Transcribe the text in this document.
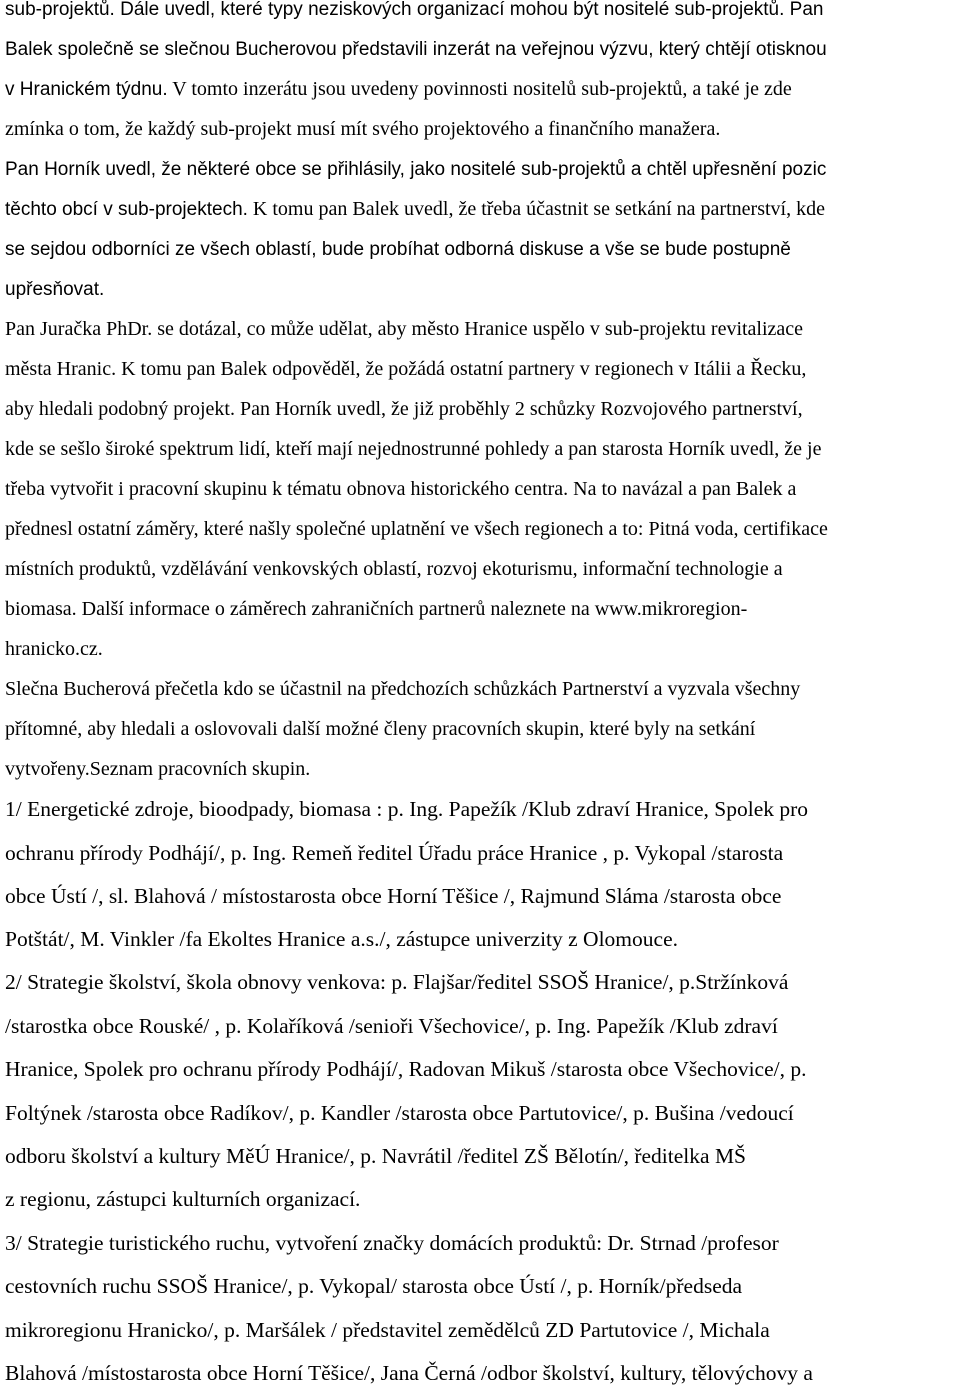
sub-projektů. Dále uvedl, které typy neziskových organizací mohou být nositelé sub-projektů. Pan
Balek společně se slečnou Bucherovou představili inzerát na veřejnou výzvu, který chtějí otisknou
v Hranickém týdnu. V tomto inzerátu jsou uvedeny povinnosti nositelů sub-projektů, a také je zde
zmínka o tom, že každý sub-projekt musí mít svého projektového a finančního manažera.
Pan Horník uvedl, že některé obce se přihlásily, jako nositelé sub-projektů a chtěl upřesnění pozic
těchto obcí v sub-projektech. K tomu pan Balek uvedl, že třeba účastnit se setkání na partnerství, kde
se sejdou odborníci ze všech oblastí, bude probíhat odborná diskuse a vše se bude postupně
upřesňovat.
Pan Juračka PhDr. se dotázal, co může udělat, aby město Hranice uspělo v sub-projektu revitalizace
města Hranic. K tomu pan Balek odpověděl, že požádá ostatní partnery v regionech v Itálii a Řecku,
aby hledali podobný projekt. Pan Horník uvedl, že již proběhly 2 schůzky Rozvojového partnerství,
kde se sešlo široké spektrum lidí, kteří mají nejednostrunné pohledy a pan starosta Horník uvedl, že je
třeba vytvořit i pracovní skupinu k tématu obnova historického centra. Na to navázal a pan Balek a
přednesl ostatní záměry, které našly společné uplatnění ve všech regionech a to: Pitná voda, certifikace
místních produktů, vzdělávání venkovských oblastí, rozvoj ekoturismu, informační technologie a
biomasa. Další informace o záměrech zahraničních partnerů naleznete na www.mikroregion-
hranicko.cz.
Slečna Bucherová přečetla kdo se účastnil na předchozích schůzkách Partnerství a vyzvala všechny
přítomné, aby hledali a oslovovali další možné členy pracovních skupin, které byly na setkání
vytvořeny.Seznam pracovních skupin.
1/ Energetické zdroje, bioodpady, biomasa : p. Ing. Papežík /Klub zdraví Hranice, Spolek pro
ochranu přírody Podhájí/, p. Ing. Remeň ředitel Úřadu práce Hranice , p. Vykopal /starosta
obce Ústí /, sl. Blahová / místostarosta obce Horní Těšice /, Rajmund Sláma /starosta obce
Potštát/, M. Vinkler /fa Ekoltes Hranice a.s./, zástupce univerzity z Olomouce.
2/ Strategie školství, škola obnovy venkova: p. Flajšar/ředitel SSOŠ Hranice/, p.Stržínková
/starostka obce Rouské/ , p. Kolaříková /senioři Všechovice/, p. Ing. Papežík /Klub zdraví
Hranice, Spolek pro ochranu přírody Podhájí/, Radovan Mikuš /starosta obce Všechovice/, p.
Foltýnek /starosta obce Radíkov/, p. Kandler /starosta obce Partutovice/, p. Bušina /vedoucí
odboru školství a kultury MěÚ Hranice/, p. Navrátil /ředitel ZŠ Bělotín/, ředitelka MŠ
z regionu, zástupci kulturních organizací.
3/ Strategie turistického ruchu, vytvoření značky domácích produktů: Dr. Strnad /profesor
cestovních ruchu SSOŠ Hranice/, p. Vykopal/ starosta obce Ústí /, p. Horník/předseda
mikroregionu Hranicko/, p. Maršálek / představitel zemědělců ZD Partutovice /, Michala
Blahová /místostarosta obce Horní Těšice/, Jana Černá /odbor školství, kultury, tělovýchovy a
